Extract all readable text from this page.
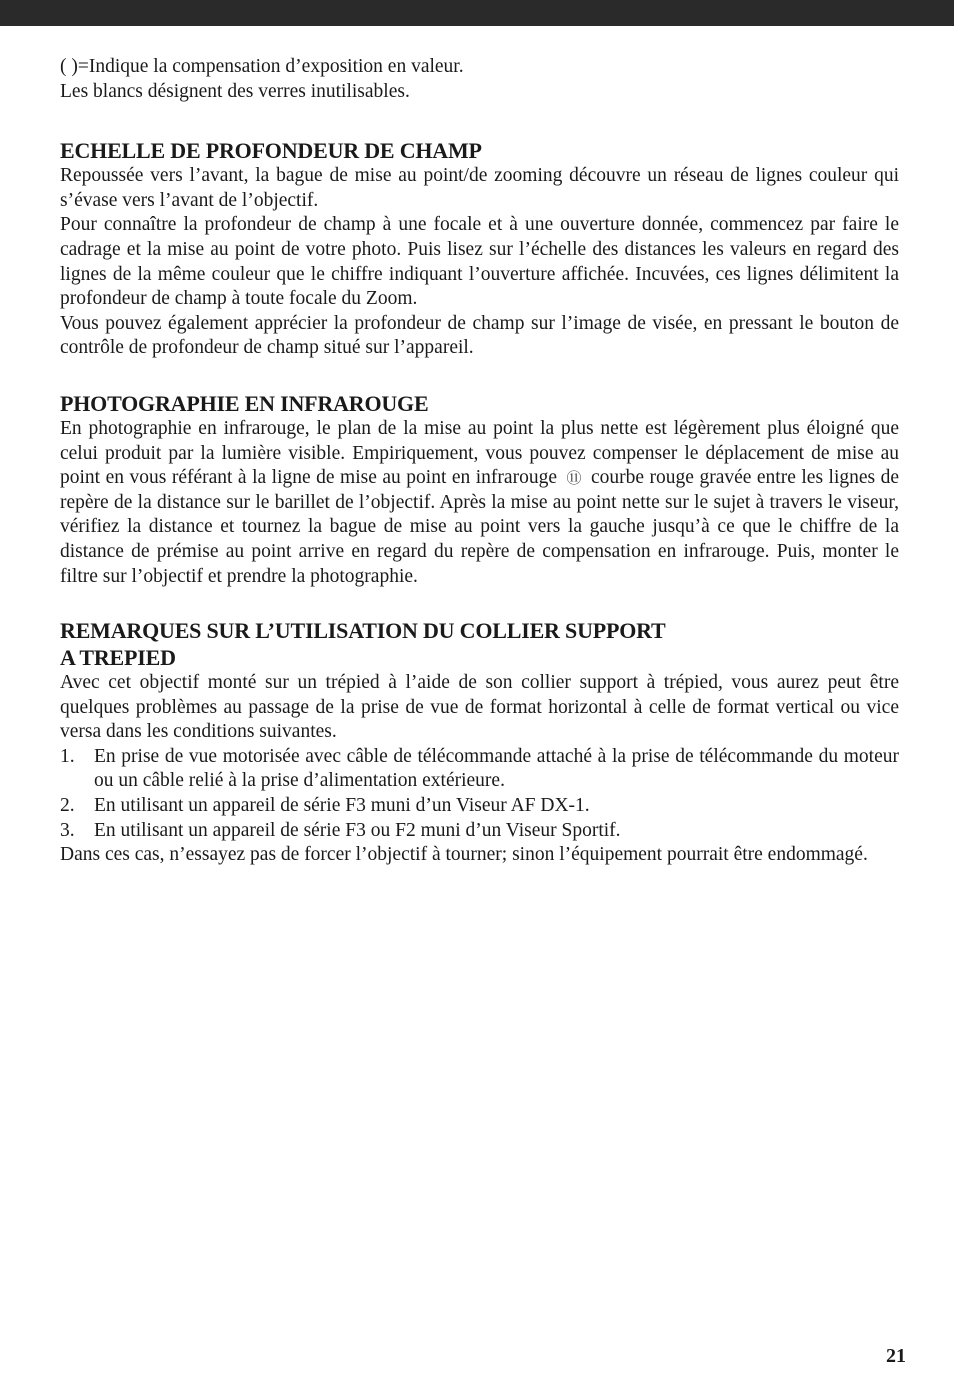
( )=Indique la compensation d’exposition en valeur.

Les blancs désignent des verres inutilisables.

ECHELLE DE PROFONDEUR DE CHAMP

Repoussée vers l’avant, la bague de mise au point/de zooming découvre un réseau de lignes couleur qui s’évase vers l’avant de l’objectif.

Pour connaître la profondeur de champ à une focale et à une ouverture donnée, commencez par faire le cadrage et la mise au point de votre photo. Puis lisez sur l’échelle des distances les valeurs en regard des lignes de la même couleur que le chiffre indiquant l’ouverture affichée. Incuvées, ces lignes délimitent la profondeur de champ à toute focale du Zoom.

Vous pouvez également apprécier la profondeur de champ sur l’image de visée, en pressant le bouton de contrôle de profondeur de champ situé sur l’appareil.

PHOTOGRAPHIE EN INFRAROUGE

En photographie en infrarouge, le plan de la mise au point la plus nette est légèrement plus éloigné que celui produit par la lumière visible. Empiriquement, vous pouvez compenser le déplacement de mise au point en vous référant à la ligne de mise au point en infrarouge ⑪ courbe rouge gravée entre les lignes de repère de la distance sur le barillet de l’objectif. Après la mise au point nette sur le sujet à travers le viseur, vérifiez la distance et tournez la bague de mise au point vers la gauche jusqu’à ce que le chiffre de la distance de prémise au point arrive en regard du repère de compensation en infrarouge. Puis, monter le filtre sur l’objectif et prendre la photographie.

REMARQUES SUR L’UTILISATION DU COLLIER SUPPORT
A TREPIED

Avec cet objectif monté sur un trépied à l’aide de son collier support à trépied, vous aurez peut être quelques problèmes au passage de la prise de vue de format horizontal à celle de format vertical ou vice versa dans les conditions suivantes.

1. En prise de vue motorisée avec câble de télécommande attaché à la prise de télécommande du moteur ou un câble relié à la prise d’alimentation extérieure.
2. En utilisant un appareil de série F3 muni d’un Viseur AF DX-1.
3. En utilisant un appareil de série F3 ou F2 muni d’un Viseur Sportif.

Dans ces cas, n’essayez pas de forcer l’objectif à tourner; sinon l’équipement pourrait être endommagé.

21
